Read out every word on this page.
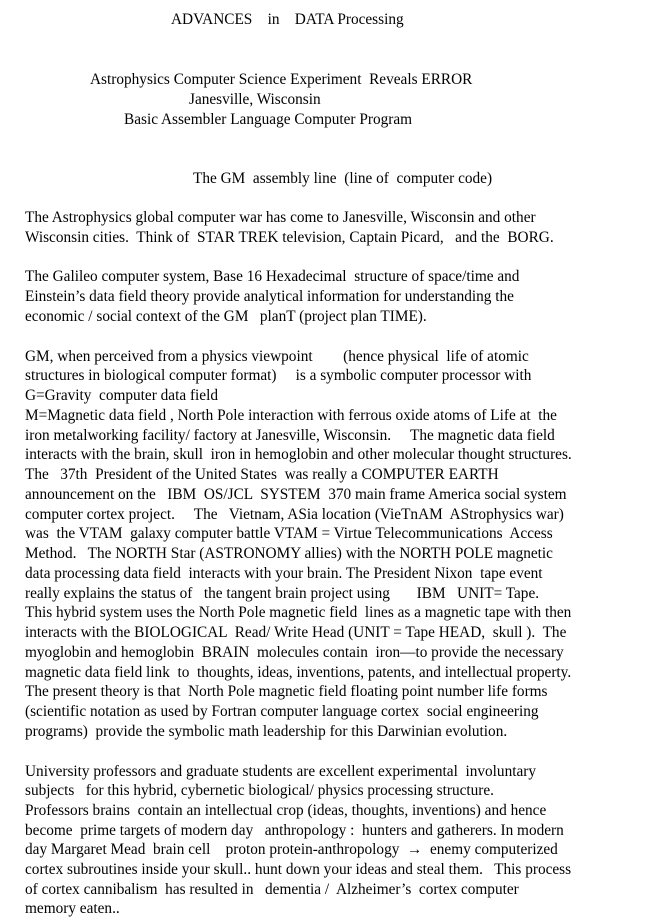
ADVANCES    in    DATA Processing
Astrophysics Computer Science Experiment  Reveals ERROR
Janesville, Wisconsin
Basic Assembler Language Computer Program
The GM  assembly line  (line of  computer code)
The Astrophysics global computer war has come to Janesville, Wisconsin and other
Wisconsin cities.  Think of  STAR TREK television, Captain Picard,   and the  BORG.
The Galileo computer system, Base 16 Hexadecimal  structure of space/time and
Einstein’s data field theory provide analytical information for understanding the
economic / social context of the GM   planT (project plan TIME).
GM, when perceived from a physics viewpoint        (hence physical  life of atomic
structures in biological computer format)     is a symbolic computer processor with
G=Gravity  computer data field
M=Magnetic data field , North Pole interaction with ferrous oxide atoms of Life at  the
iron metalworking facility/ factory at Janesville, Wisconsin.     The magnetic data field
interacts with the brain, skull  iron in hemoglobin and other molecular thought structures.
The   37th  President of the United States  was really a COMPUTER EARTH
announcement on the   IBM  OS/JCL  SYSTEM  370 main frame America social system
computer cortex project.     The   Vietnam, ASia location (VieTnAM  AStrophysics war)
was  the VTAM  galaxy computer battle VTAM = Virtue Telecommunications  Access
Method.   The NORTH Star (ASTRONOMY allies) with the NORTH POLE magnetic
data processing data field  interacts with your brain. The President Nixon  tape event
really explains the status of   the tangent brain project using       IBM   UNIT= Tape.
This hybrid system uses the North Pole magnetic field  lines as a magnetic tape with then
interacts with the BIOLOGICAL  Read/ Write Head (UNIT = Tape HEAD,  skull ).  The
myoglobin and hemoglobin  BRAIN  molecules contain  iron—to provide the necessary
magnetic data field link  to  thoughts, ideas, inventions, patents, and intellectual property.
The present theory is that  North Pole magnetic field floating point number life forms
(scientific notation as used by Fortran computer language cortex  social engineering
programs)  provide the symbolic math leadership for this Darwinian evolution.
University professors and graduate students are excellent experimental  involuntary
subjects   for this hybrid, cybernetic biological/ physics processing structure.
Professors brains  contain an intellectual crop (ideas, thoughts, inventions) and hence
become  prime targets of modern day   anthropology :  hunters and gatherers. In modern
day Margaret Mead  brain cell    proton protein-anthropology  →  enemy computerized
cortex subroutines inside your skull.. hunt down your ideas and steal them.   This process
of cortex cannibalism  has resulted in   dementia /  Alzheimer’s  cortex computer
memory eaten..
